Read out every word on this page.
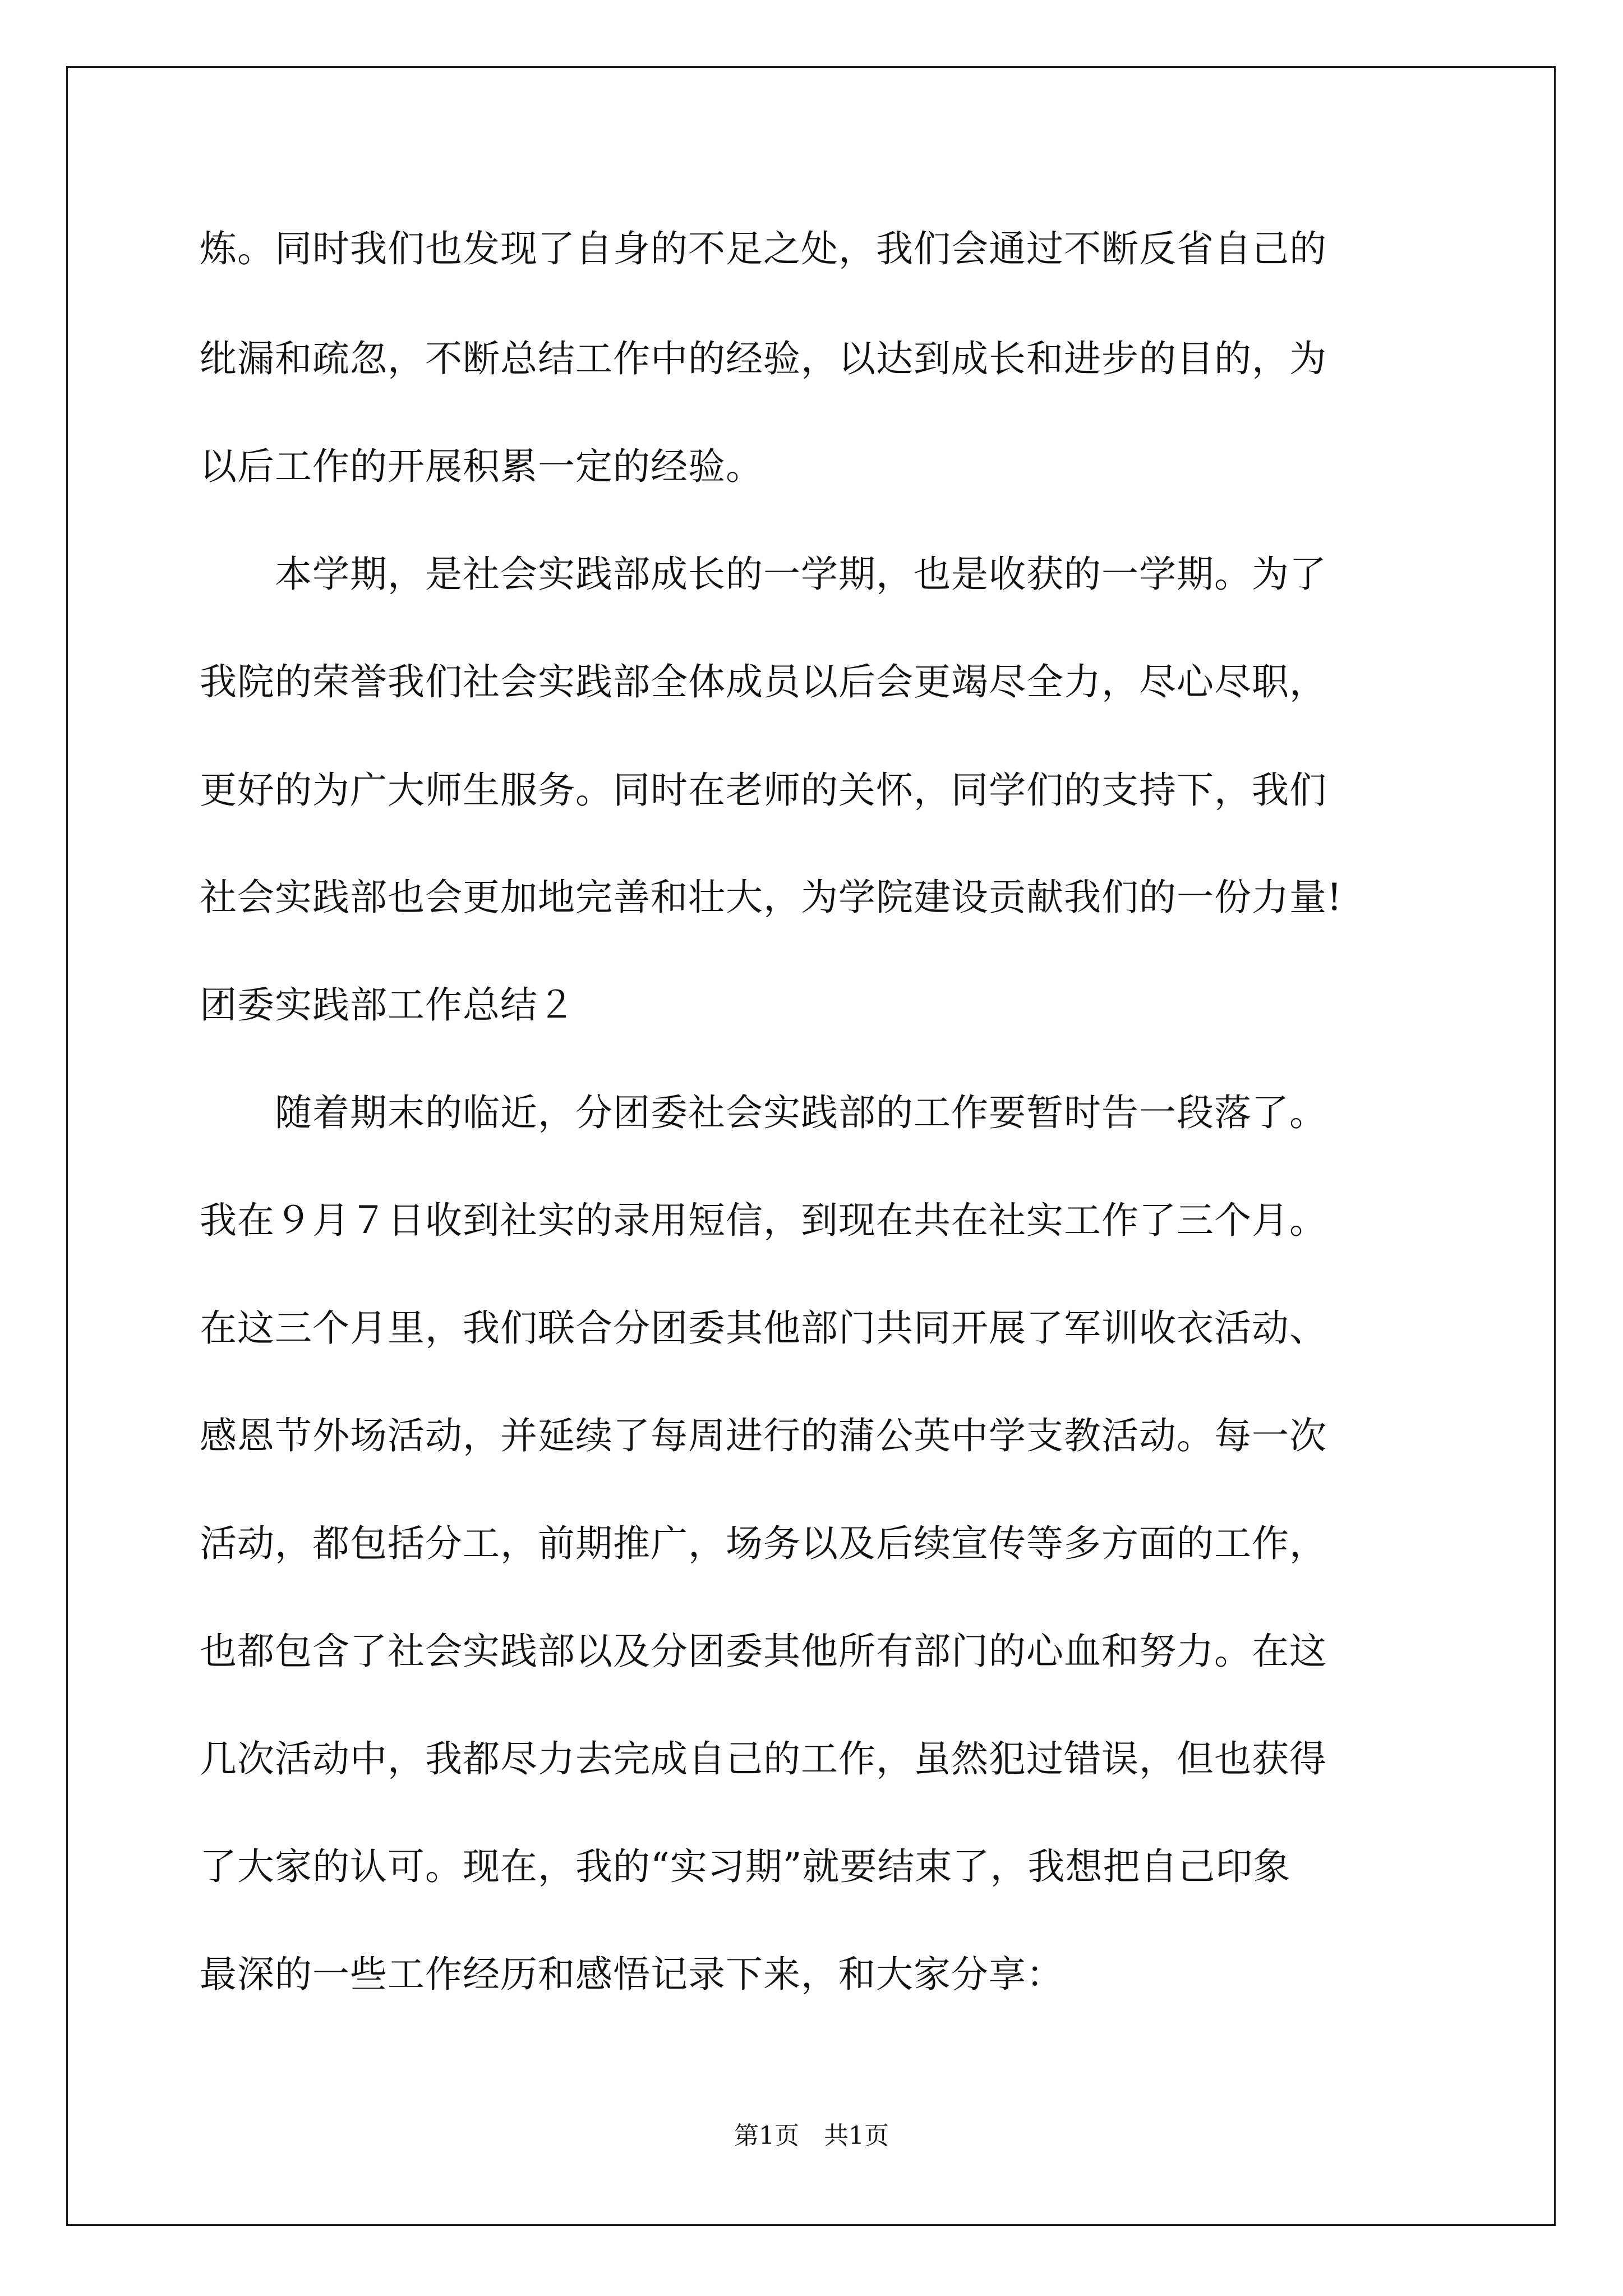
炼。同时我们也发现了自身的不足之处，我们会通过不断反省自己的
纰漏和疏忽，不断总结工作中的经验，以达到成长和进步的目的，为
以后工作的开展积累一定的经验。
　　本学期，是社会实践部成长的一学期，也是收获的一学期。为了
我院的荣誉我们社会实践部全体成员以后会更竭尽全力，尽心尽职，
更好的为广大师生服务。同时在老师的关怀，同学们的支持下，我们
社会实践部也会更加地完善和壮大，为学院建设贡献我们的一份力量!
团委实践部工作总结２
　　随着期末的临近，分团委社会实践部的工作要暂时告一段落了。
我在９月７日收到社实的录用短信，到现在共在社实工作了三个月。
在这三个月里，我们联合分团委其他部门共同开展了军训收衣活动、
感恩节外场活动，并延续了每周进行的蒲公英中学支教活动。每一次
活动，都包括分工，前期推广，场务以及后续宣传等多方面的工作，
也都包含了社会实践部以及分团委其他所有部门的心血和努力。在这
几次活动中，我都尽力去完成自己的工作，虽然犯过错误，但也获得
了大家的认可。现在，我的“实习期”就要结束了，我想把自己印象
最深的一些工作经历和感悟记录下来，和大家分享：
第1页　共1页
